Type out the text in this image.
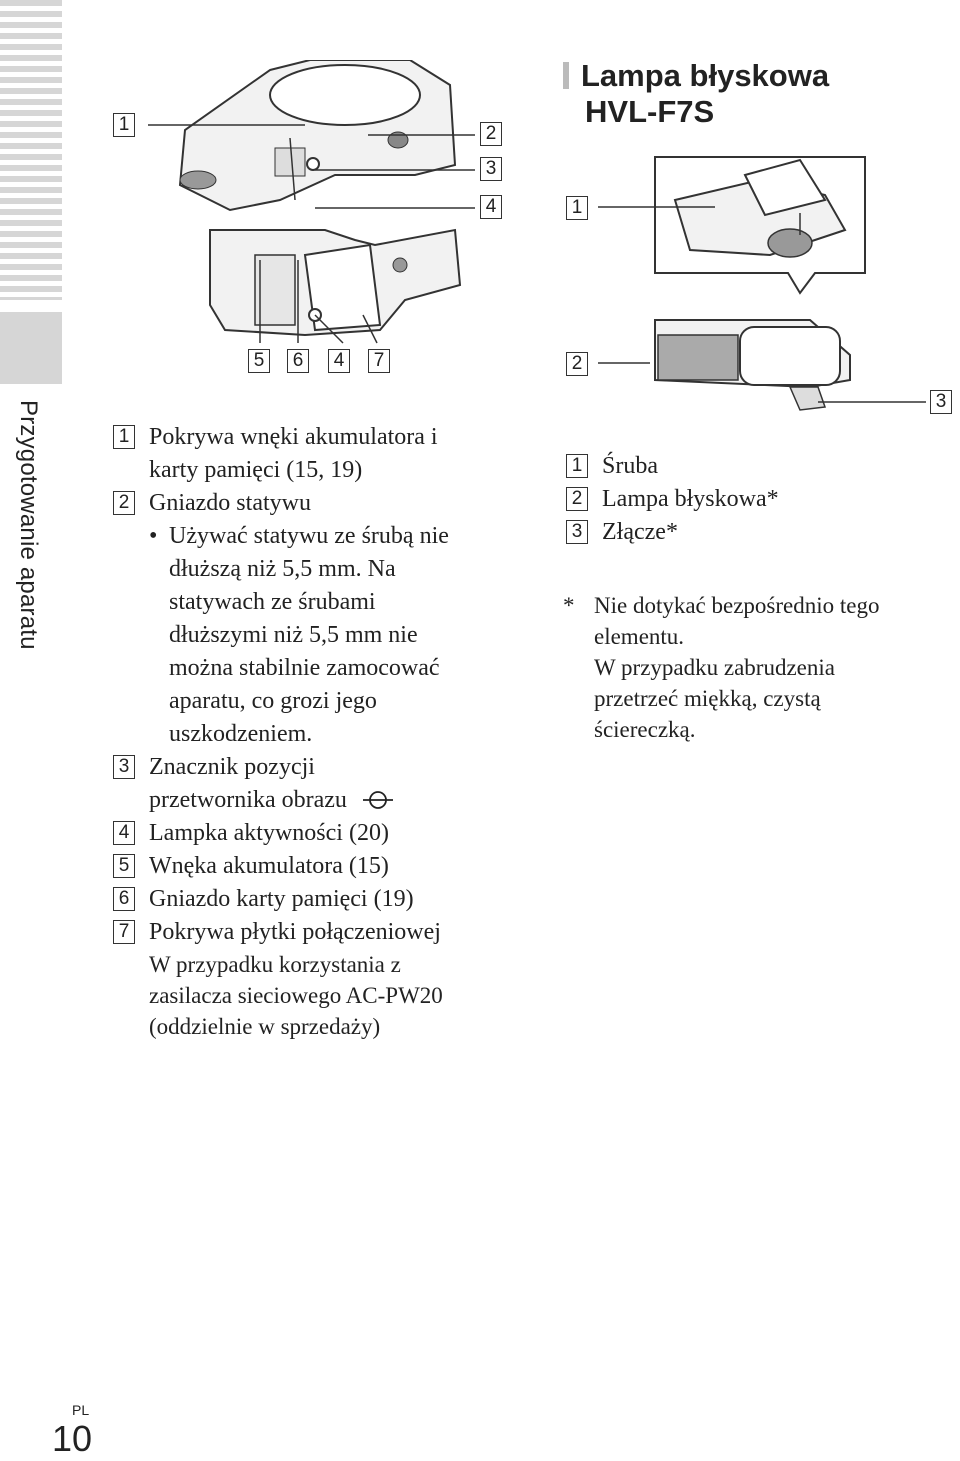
Przygotowanie aparatu
1	2
3
4
5	6	4	7
1 Pokrywa wnęki akumulatora i
karty pamięci (15, 19)
2 Gniazdo statywu
• Używać statywu ze śrubą nie
dłuższą niż 5,5 mm. Na
statywach ze śrubami
dłuższymi niż 5,5 mm nie
można stabilnie zamocować
aparatu, co grozi jego
uszkodzeniem.
3 Znacznik pozycji
przetwornika obrazu
4 Lampka aktywności (20)
5 Wnęka akumulatora (15)
6 Gniazdo karty pamięci (19)
7 Pokrywa płytki połączeniowej
W przypadku korzystania z
zasilacza sieciowego AC-PW20
(oddzielnie w sprzedaży)
Lampa błyskowa
HVL-F7S
1
2
3
1 Śruba
2 Lampa błyskowa*
3 Złącze*
* Nie dotykać bezpośrednio tego
elementu.
W przypadku zabrudzenia
przetrzeć miękką, czystą
ściereczką.
PL
10
